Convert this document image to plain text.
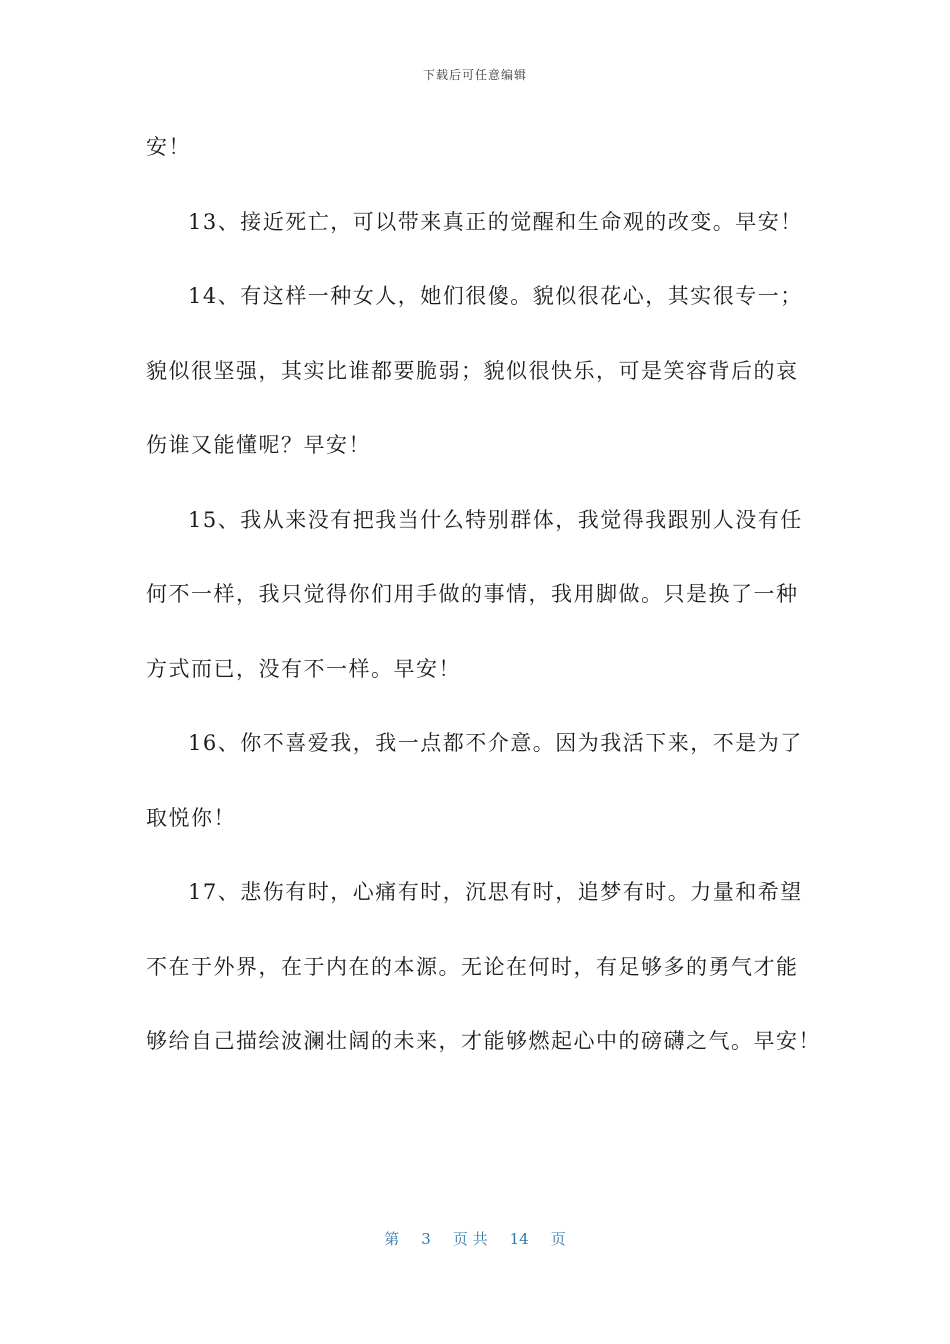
下载后可任意编辑
安！
13、接近死亡，可以带来真正的觉醒和生命观的改变。早安！
14、有这样一种女人，她们很傻。貌似很花心，其实很专一；
貌似很坚强，其实比谁都要脆弱；貌似很快乐，可是笑容背后的哀
伤谁又能懂呢？早安！
15、我从来没有把我当什么特别群体，我觉得我跟别人没有任
何不一样，我只觉得你们用手做的事情，我用脚做。只是换了一种
方式而已，没有不一样。早安！
16、你不喜爱我，我一点都不介意。因为我活下来，不是为了
取悦你！
17、悲伤有时，心痛有时，沉思有时，追梦有时。力量和希望
不在于外界，在于内在的本源。无论在何时，有足够多的勇气才能
够给自己描绘波澜壮阔的未来，才能够燃起心中的磅礴之气。早安！
第 3 页 共 14 页
